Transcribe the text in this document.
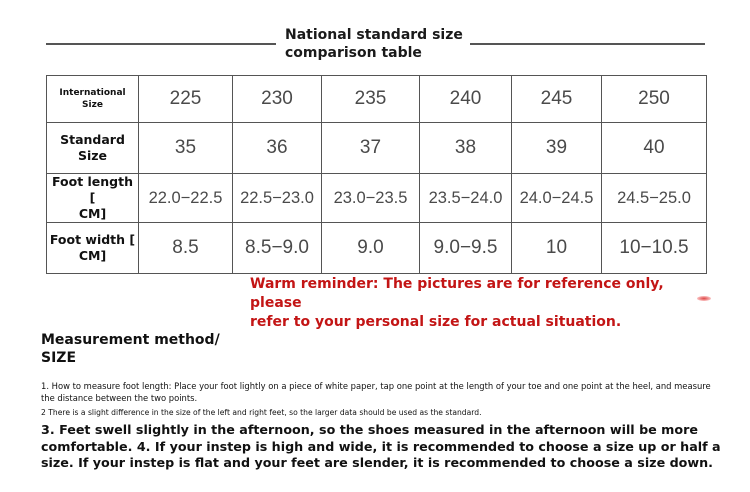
National standard size
comparison table
International
Size	225	230	235	240	245	250
Standard
Size	35	36	37	38	39	40
Foot length [
CM]	22.0−22.5	22.5−23.0	23.0−23.5	23.5−24.0	24.0−24.5	24.5−25.0
Foot width [
CM]	8.5	8.5−9.0	9.0	9.0−9.5	10	10−10.5
Warm reminder: The pictures are for reference only, please
refer to your personal size for actual situation.
Measurement method/
SIZE
1. How to measure foot length: Place your foot lightly on a piece of white paper, tap one point at the length of your toe and one point at the heel, and measure the distance between the two points.
2 There is a slight difference in the size of the left and right feet, so the larger data should be used as the standard.
3. Feet swell slightly in the afternoon, so the shoes measured in the afternoon will be more comfortable. 4. If your instep is high and wide, it is recommended to choose a size up or half a size. If your instep is flat and your feet are slender, it is recommended to choose a size down.
